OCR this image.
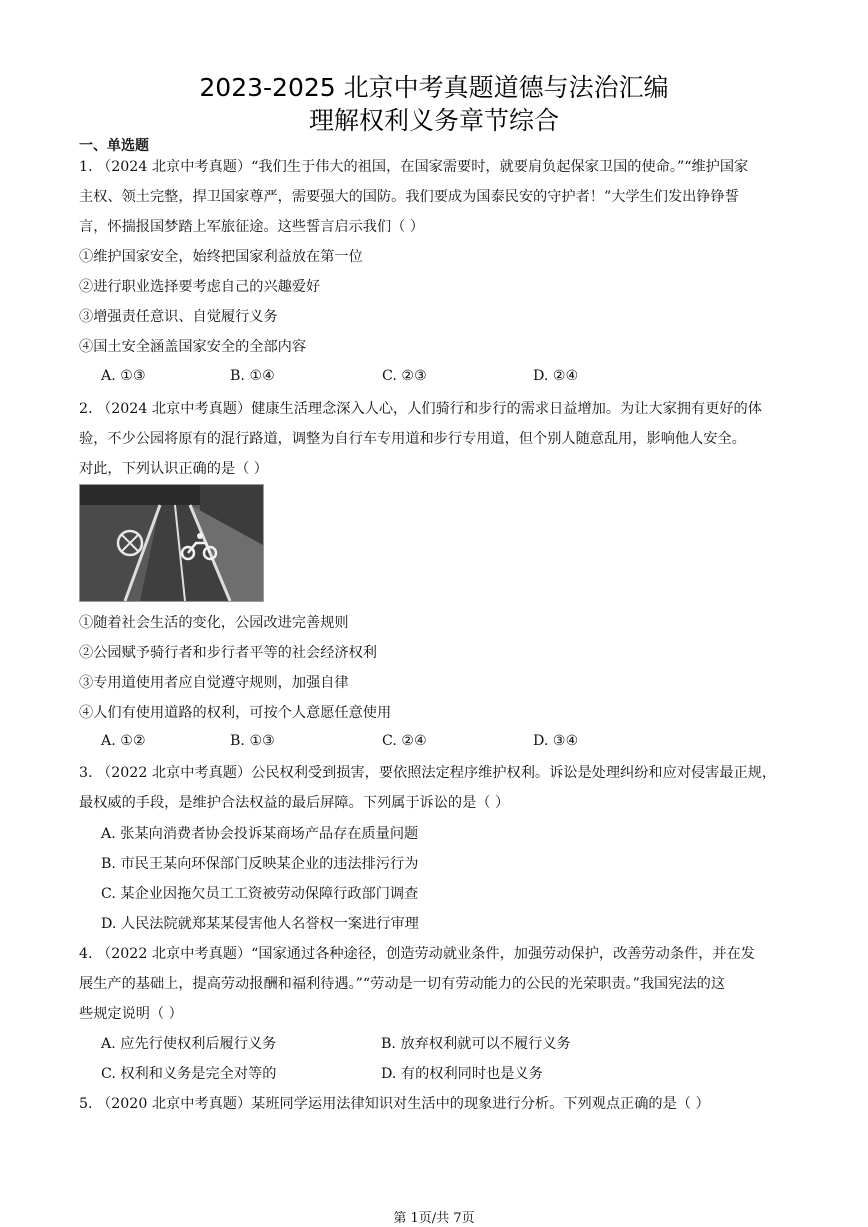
2023-2025 北京中考真题道德与法治汇编
理解权利义务章节综合
一、单选题
1. （2024 北京中考真题）“我们生于伟大的祖国，在国家需要时，就要肩负起保家卫国的使命。”“维护国家
主权、领土完整，捍卫国家尊严，需要强大的国防。我们要成为国泰民安的守护者！”大学生们发出铮铮誓
言，怀揣报国梦踏上军旅征途。这些誓言启示我们（ ）
①维护国家安全，始终把国家利益放在第一位
②进行职业选择要考虑自己的兴趣爱好
③增强责任意识、自觉履行义务
④国土安全涵盖国家安全的全部内容
A. ①③	B. ①④	C. ②③	D. ②④
2. （2024 北京中考真题）健康生活理念深入人心，人们骑行和步行的需求日益增加。为让大家拥有更好的体
验，不少公园将原有的混行路道，调整为自行车专用道和步行专用道，但个别人随意乱用，影响他人安全。
对此，下列认识正确的是（ ）
①随着社会生活的变化，公园改进完善规则
②公园赋予骑行者和步行者平等的社会经济权利
③专用道使用者应自觉遵守规则，加强自律
④人们有使用道路的权利，可按个人意愿任意使用
A. ①②	B. ①③	C. ②④	D. ③④
3. （2022 北京中考真题）公民权利受到损害，要依照法定程序维护权利。诉讼是处理纠纷和应对侵害最正规，
最权威的手段，是维护合法权益的最后屏障。下列属于诉讼的是（ ）
A. 张某向消费者协会投诉某商场产品存在质量问题
B. 市民王某向环保部门反映某企业的违法排污行为
C. 某企业因拖欠员工工资被劳动保障行政部门调查
D. 人民法院就郑某某侵害他人名誉权一案进行审理
4. （2022 北京中考真题）“国家通过各种途径，创造劳动就业条件，加强劳动保护，改善劳动条件，并在发
展生产的基础上，提高劳动报酬和福利待遇。”“劳动是一切有劳动能力的公民的光荣职责。”我国宪法的这
些规定说明（ ）
A. 应先行使权利后履行义务	B. 放弃权利就可以不履行义务
C. 权利和义务是完全对等的	D. 有的权利同时也是义务
5. （2020 北京中考真题）某班同学运用法律知识对生活中的现象进行分析。下列观点正确的是（ ）
第 1页/共 7页
